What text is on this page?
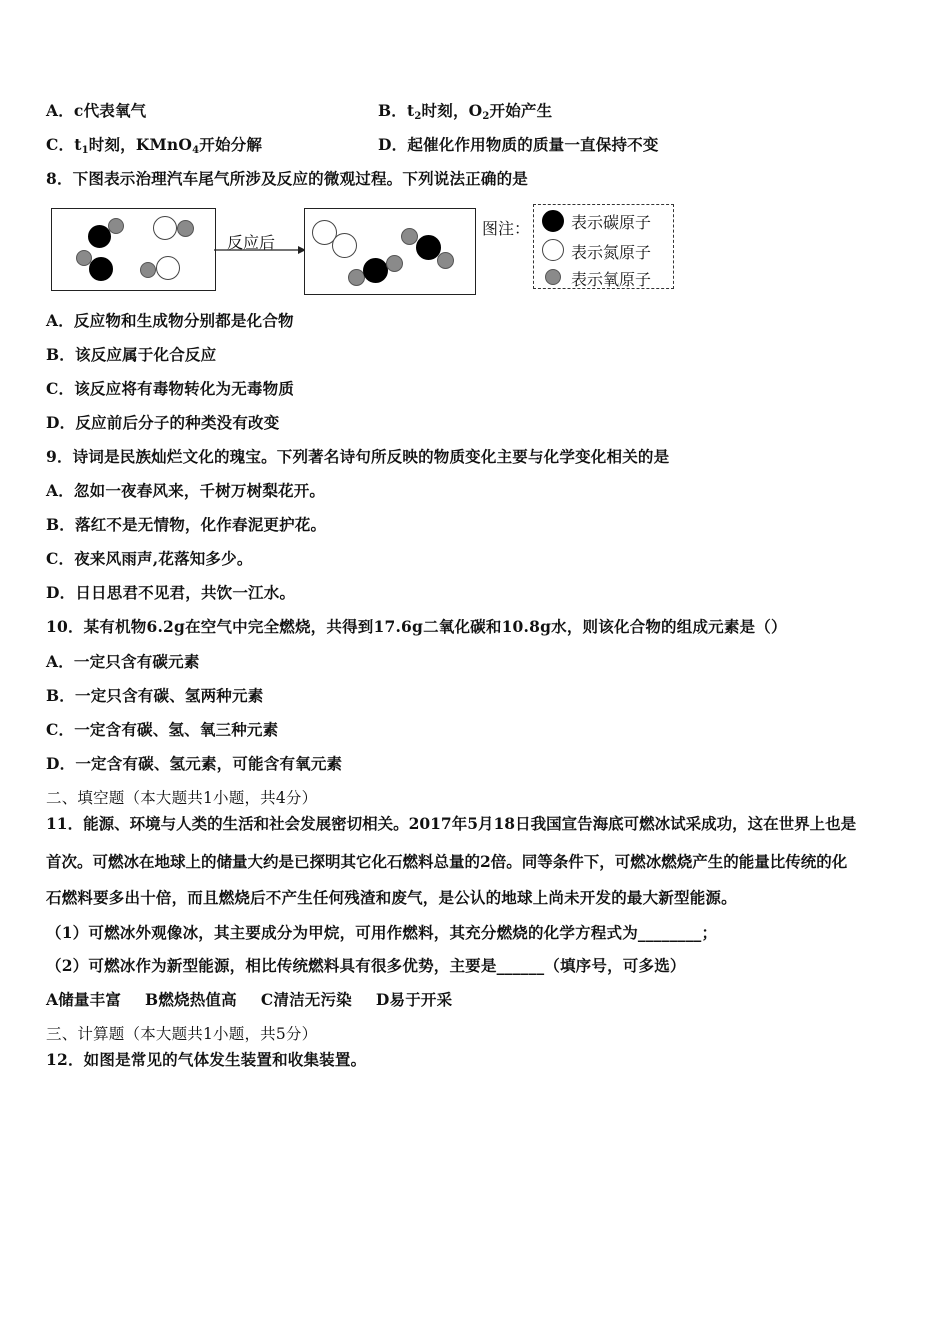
A．c代表氧气	B．$t_2$时刻，$O_2$开始产生
C．$t_1$时刻，KMnO$_4$开始分解	D．起催化作用物质的质量一直保持不变
8．下图表示治理汽车尾气所涉及反应的微观过程。下列说法正确的是
反应后
图注：	表示碳原子
表示氮原子
表示氧原子
A．反应物和生成物分别都是化合物
B．该反应属于化合反应
C．该反应将有毒物转化为无毒物质
D．反应前后分子的种类没有改变
9．诗词是民族灿烂文化的瑰宝。下列著名诗句所反映的物质变化主要与化学变化相关的是
A．忽如一夜春风来，千树万树梨花开。
B．落红不是无情物，化作春泥更护花。
C．夜来风雨声,花落知多少。
D．日日思君不见君，共饮一江水。
10．某有机物6.2g在空气中完全燃烧，共得到17.6g二氧化碳和10.8g水，则该化合物的组成元素是（）
A．一定只含有碳元素
B．一定只含有碳、氢两种元素
C．一定含有碳、氢、氧三种元素
D．一定含有碳、氢元素，可能含有氧元素
二、填空题（本大题共1小题，共4分）
11．能源、环境与人类的生活和社会发展密切相关。2017年5月18日我国宣告海底可燃冰试采成功，这在世界上也是
首次。可燃冰在地球上的储量大约是已探明其它化石燃料总量的2倍。同等条件下，可燃冰燃烧产生的能量比传统的化
石燃料要多出十倍，而且燃烧后不产生任何残渣和废气，是公认的地球上尚未开发的最大新型能源。
（1）可燃冰外观像冰，其主要成分为甲烷，可用作燃料，其充分燃烧的化学方程式为________；
（2）可燃冰作为新型能源，相比传统燃料具有很多优势，主要是______（填序号，可多选）
A储量丰富 B燃烧热值高 C清洁无污染 D易于开采
三、计算题（本大题共1小题，共5分）
12．如图是常见的气体发生装置和收集装置。
